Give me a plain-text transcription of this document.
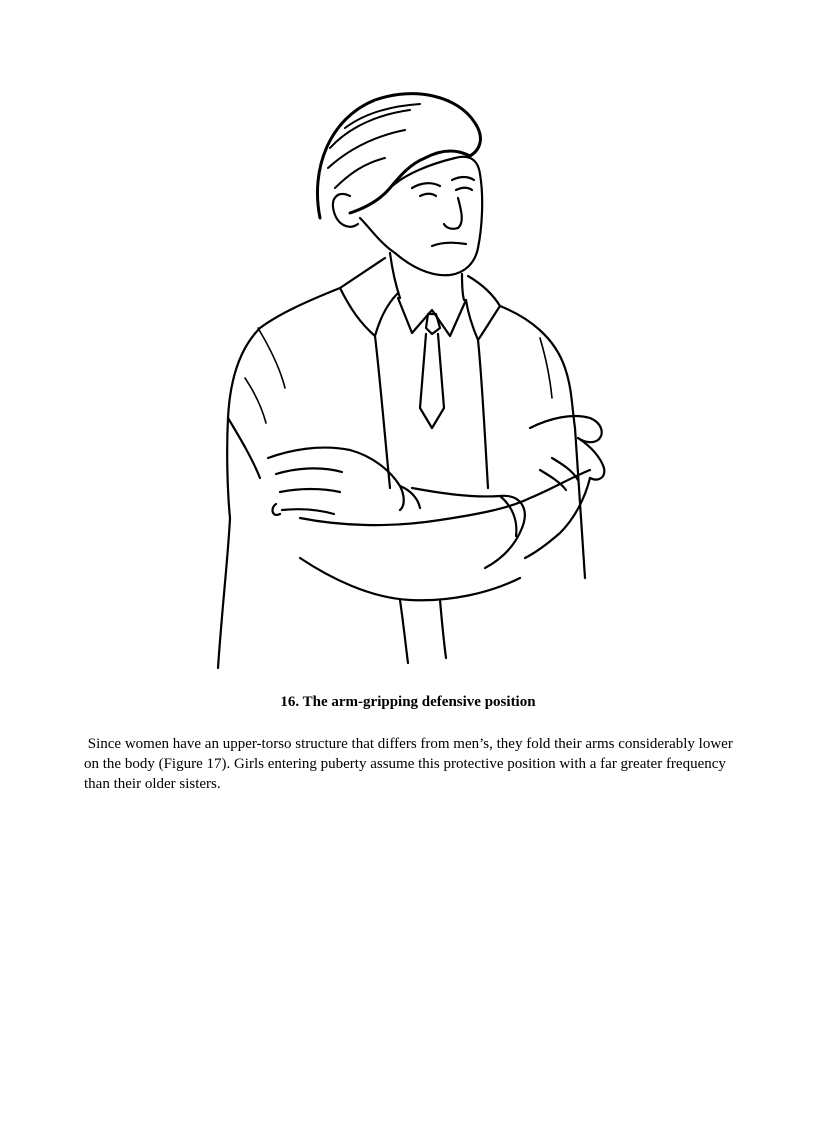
16. The arm-gripping defensive position

Since women have an upper-torso structure that differs from men’s, they fold their arms considerably lower on the body (Figure 17). Girls entering puberty assume this protective position with a far greater frequency than their older sisters.
